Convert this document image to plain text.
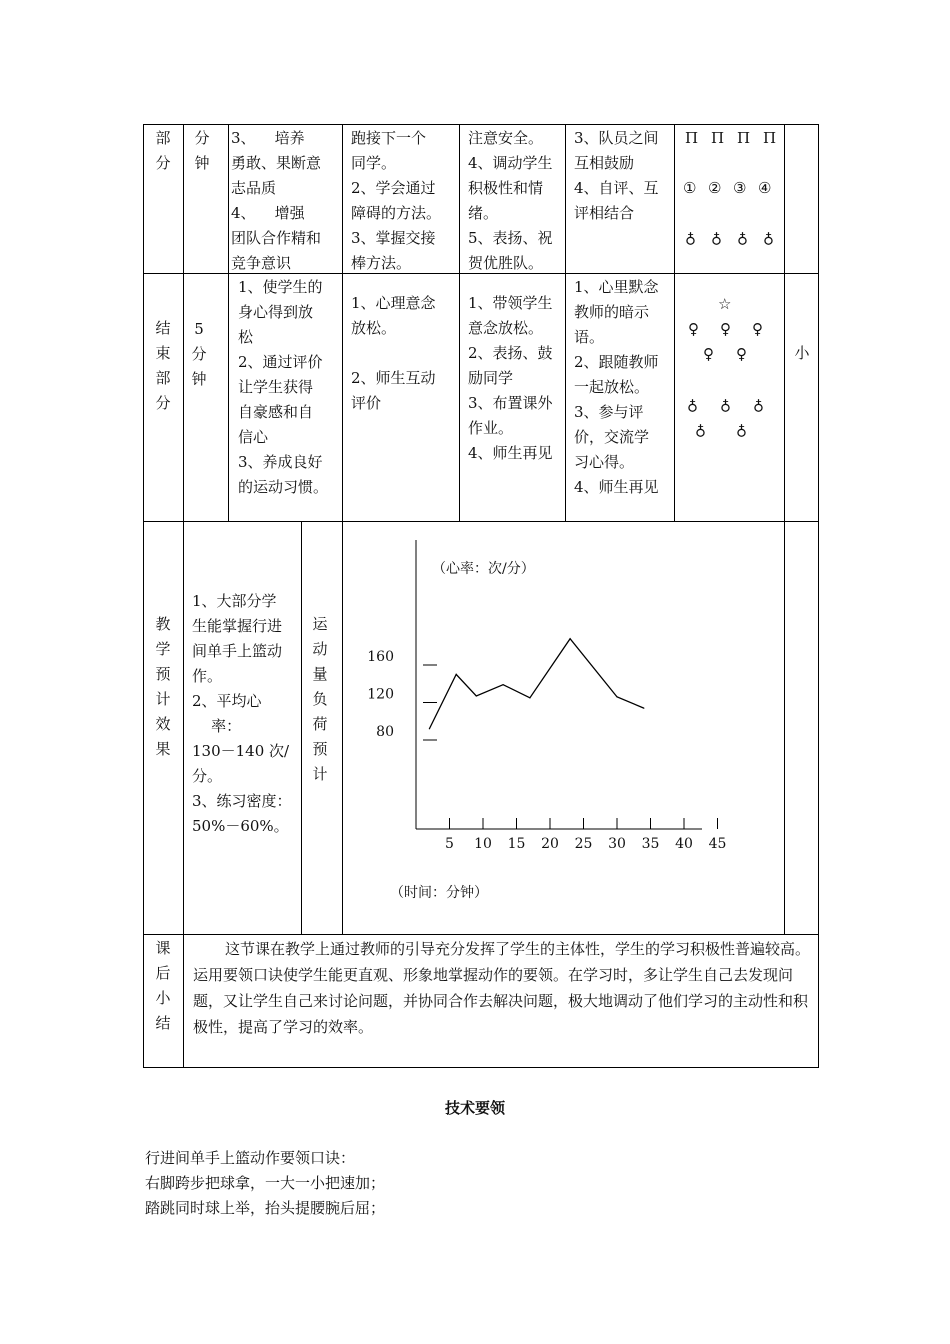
部 分
分 钟
3、    培养
勇敢、果断意
志品质
4、    增强
团队合作精和
竞争意识
跑接下一个
同学。
2、学会通过
障碍的方法。
3、掌握交接
棒方法。
注意安全。
4、调动学生
积极性和情
绪。
5、表扬、祝
贺优胜队。
3、队员之间
互相鼓励
4、自评、互
评相结合
П П П П
① ② ③ ④
♁ ♁ ♁ ♁
结 束 部 分
5 分 钟
1、使学生的
身心得到放
松
2、通过评价
让学生获得
自豪感和自
信心
3、养成良好
的运动习惯。
1、心理意念
放松。

2、师生互动
评价
1、带领学生
意念放松。
2、表扬、鼓
励同学
3、布置课外
作业。
4、师生再见
1、心里默念
教师的暗示
语。
2、跟随教师
一起放松。
3、参与评
价，交流学
习心得。
4、师生再见
☆
♀ ♀ ♀
♀ ♀
♁ ♁ ♁
♁ ♁
小
教 学 预 计 效 果
1、大部分学
生能掌握行进
间单手上篮动
作。
2、平均心
率：
130－140 次/
分。
3、练习密度：
50%－60%。
运 动 量 负 荷 预 计
（心率：次/分）
（时间：分钟）
5 10 15 20 25 30 35 40 45
80
120
160
课 后 小 结
这节课在教学上通过教师的引导充分发挥了学生的主体性，学生的学习积极性普遍较高。运用要领口诀使学生能更直观、形象地掌握动作的要领。在学习时，多让学生自己去发现问题，又让学生自己来讨论问题，并协同合作去解决问题，极大地调动了他们学习的主动性和积极性，提高了学习的效率。
技术要领
行进间单手上篮动作要领口诀：
右脚跨步把球拿，一大一小把速加；
踏跳同时球上举，抬头提腰腕后屈；
